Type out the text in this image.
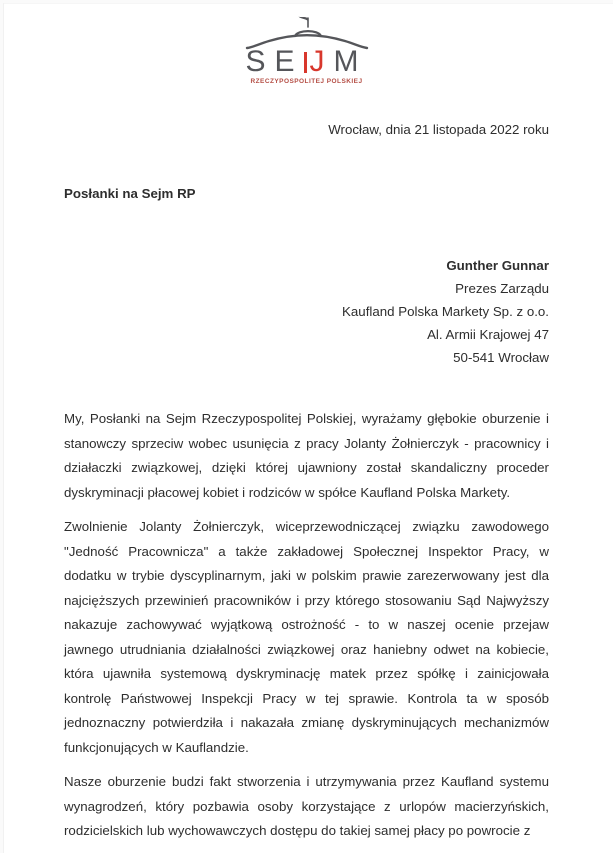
SE J M
RZECZYPOSPOLITEJ POLSKIEJ
Wrocław, dnia 21 listopada 2022 roku
Posłanki na Sejm RP
Gunther Gunnar
Prezes Zarządu
Kaufland Polska Markety Sp. z o.o.
Al. Armii Krajowej 47
50-541 Wrocław

My, Posłanki na Sejm Rzeczypospolitej Polskiej, wyrażamy głębokie oburzenie i stanowczy sprzeciw wobec usunięcia z pracy Jolanty Żołnierczyk - pracownicy i działaczki związkowej, dzięki której ujawniony został skandaliczny proceder dyskryminacji płacowej kobiet i rodziców w spółce Kaufland Polska Markety.

Zwolnienie Jolanty Żołnierczyk, wiceprzewodniczącej związku zawodowego "Jedność Pracownicza" a także zakładowej Społecznej Inspektor Pracy, w dodatku w trybie dyscyplinarnym, jaki w polskim prawie zarezerwowany jest dla najcięższych przewinień pracowników i przy którego stosowaniu Sąd Najwyższy nakazuje zachowywać wyjątkową ostrożność - to w naszej ocenie przejaw jawnego utrudniania działalności związkowej oraz haniebny odwet na kobiecie, która ujawniła systemową dyskryminację matek przez spółkę i zainicjowała kontrolę Państwowej Inspekcji Pracy w tej sprawie. Kontrola ta w sposób jednoznaczny potwierdziła i nakazała zmianę dyskryminujących mechanizmów funkcjonujących w Kauflandzie.

Nasze oburzenie budzi fakt stworzenia i utrzymywania przez Kaufland systemu wynagrodzeń, który pozbawia osoby korzystające z urlopów macierzyńskich, rodzicielskich lub wychowawczych dostępu do takiej samej płacy po powrocie z
